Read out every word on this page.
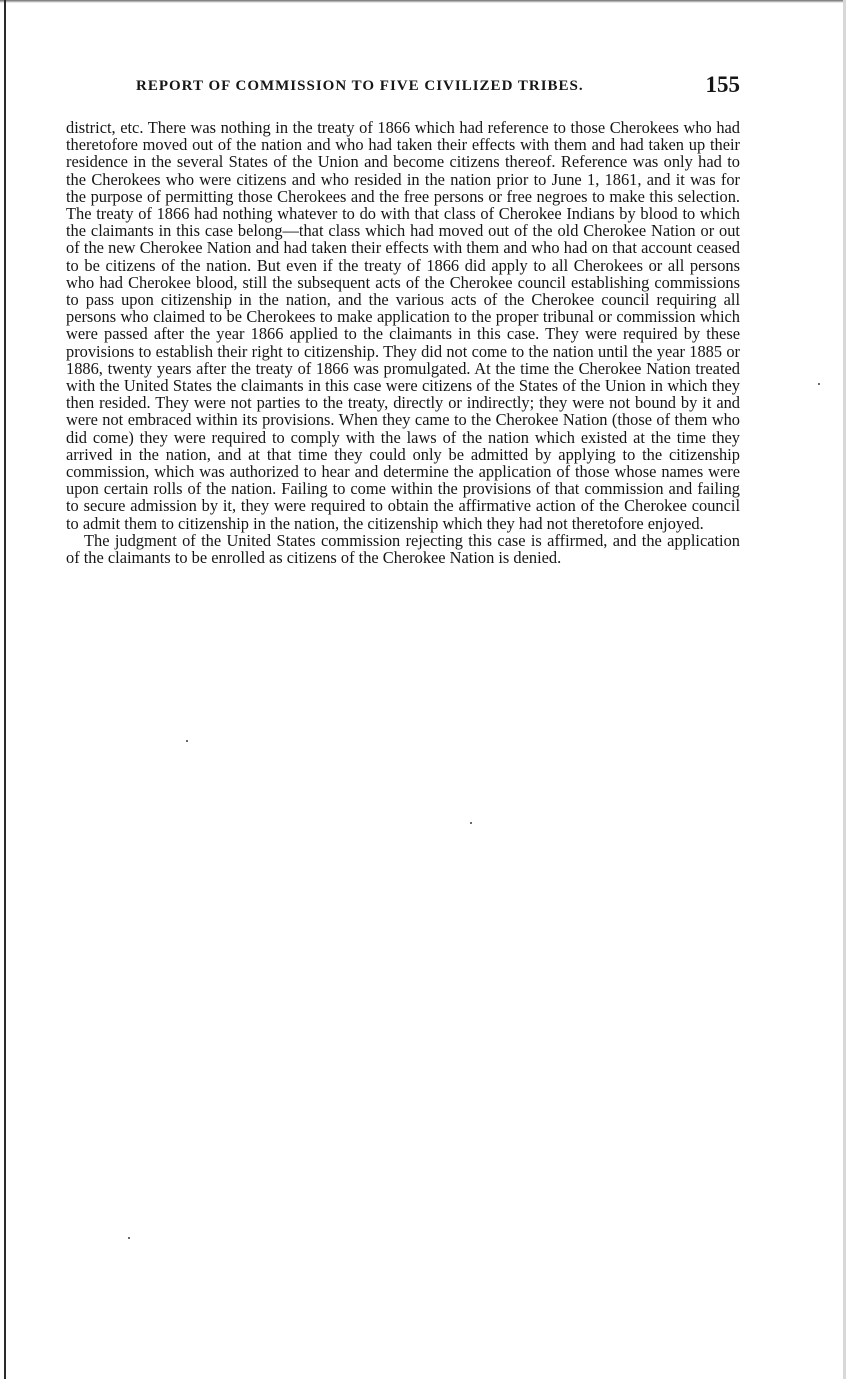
REPORT OF COMMISSION TO FIVE CIVILIZED TRIBES.	155

district, etc. There was nothing in the treaty of 1866 which had reference to those Cherokees who had theretofore moved out of the nation and who had taken their effects with them and had taken up their residence in the several States of the Union and become citizens thereof. Reference was only had to the Cherokees who were citizens and who resided in the nation prior to June 1, 1861, and it was for the purpose of permitting those Cherokees and the free persons or free negroes to make this selection. The treaty of 1866 had nothing whatever to do with that class of Cherokee Indians by blood to which the claimants in this case belong—that class which had moved out of the old Cherokee Nation or out of the new Cherokee Nation and had taken their effects with them and who had on that account ceased to be citizens of the nation. But even if the treaty of 1866 did apply to all Cherokees or all persons who had Cherokee blood, still the subsequent acts of the Cherokee council establishing commissions to pass upon citizenship in the nation, and the various acts of the Cherokee council requiring all persons who claimed to be Cherokees to make application to the proper tribunal or commission which were passed after the year 1866 applied to the claimants in this case. They were required by these provisions to establish their right to citizenship. They did not come to the nation until the year 1885 or 1886, twenty years after the treaty of 1866 was promulgated. At the time the Cherokee Nation treated with the United States the claimants in this case were citizens of the States of the Union in which they then resided. They were not parties to the treaty, directly or indirectly; they were not bound by it and were not embraced within its provisions. When they came to the Cherokee Nation (those of them who did come) they were required to comply with the laws of the nation which existed at the time they arrived in the nation, and at that time they could only be admitted by applying to the citizenship commission, which was authorized to hear and determine the application of those whose names were upon certain rolls of the nation. Failing to come within the provisions of that commission and failing to secure admission by it, they were required to obtain the affirmative action of the Cherokee council to admit them to citizenship in the nation, the citizenship which they had not theretofore enjoyed.

The judgment of the United States commission rejecting this case is affirmed, and the application of the claimants to be enrolled as citizens of the Cherokee Nation is denied.
